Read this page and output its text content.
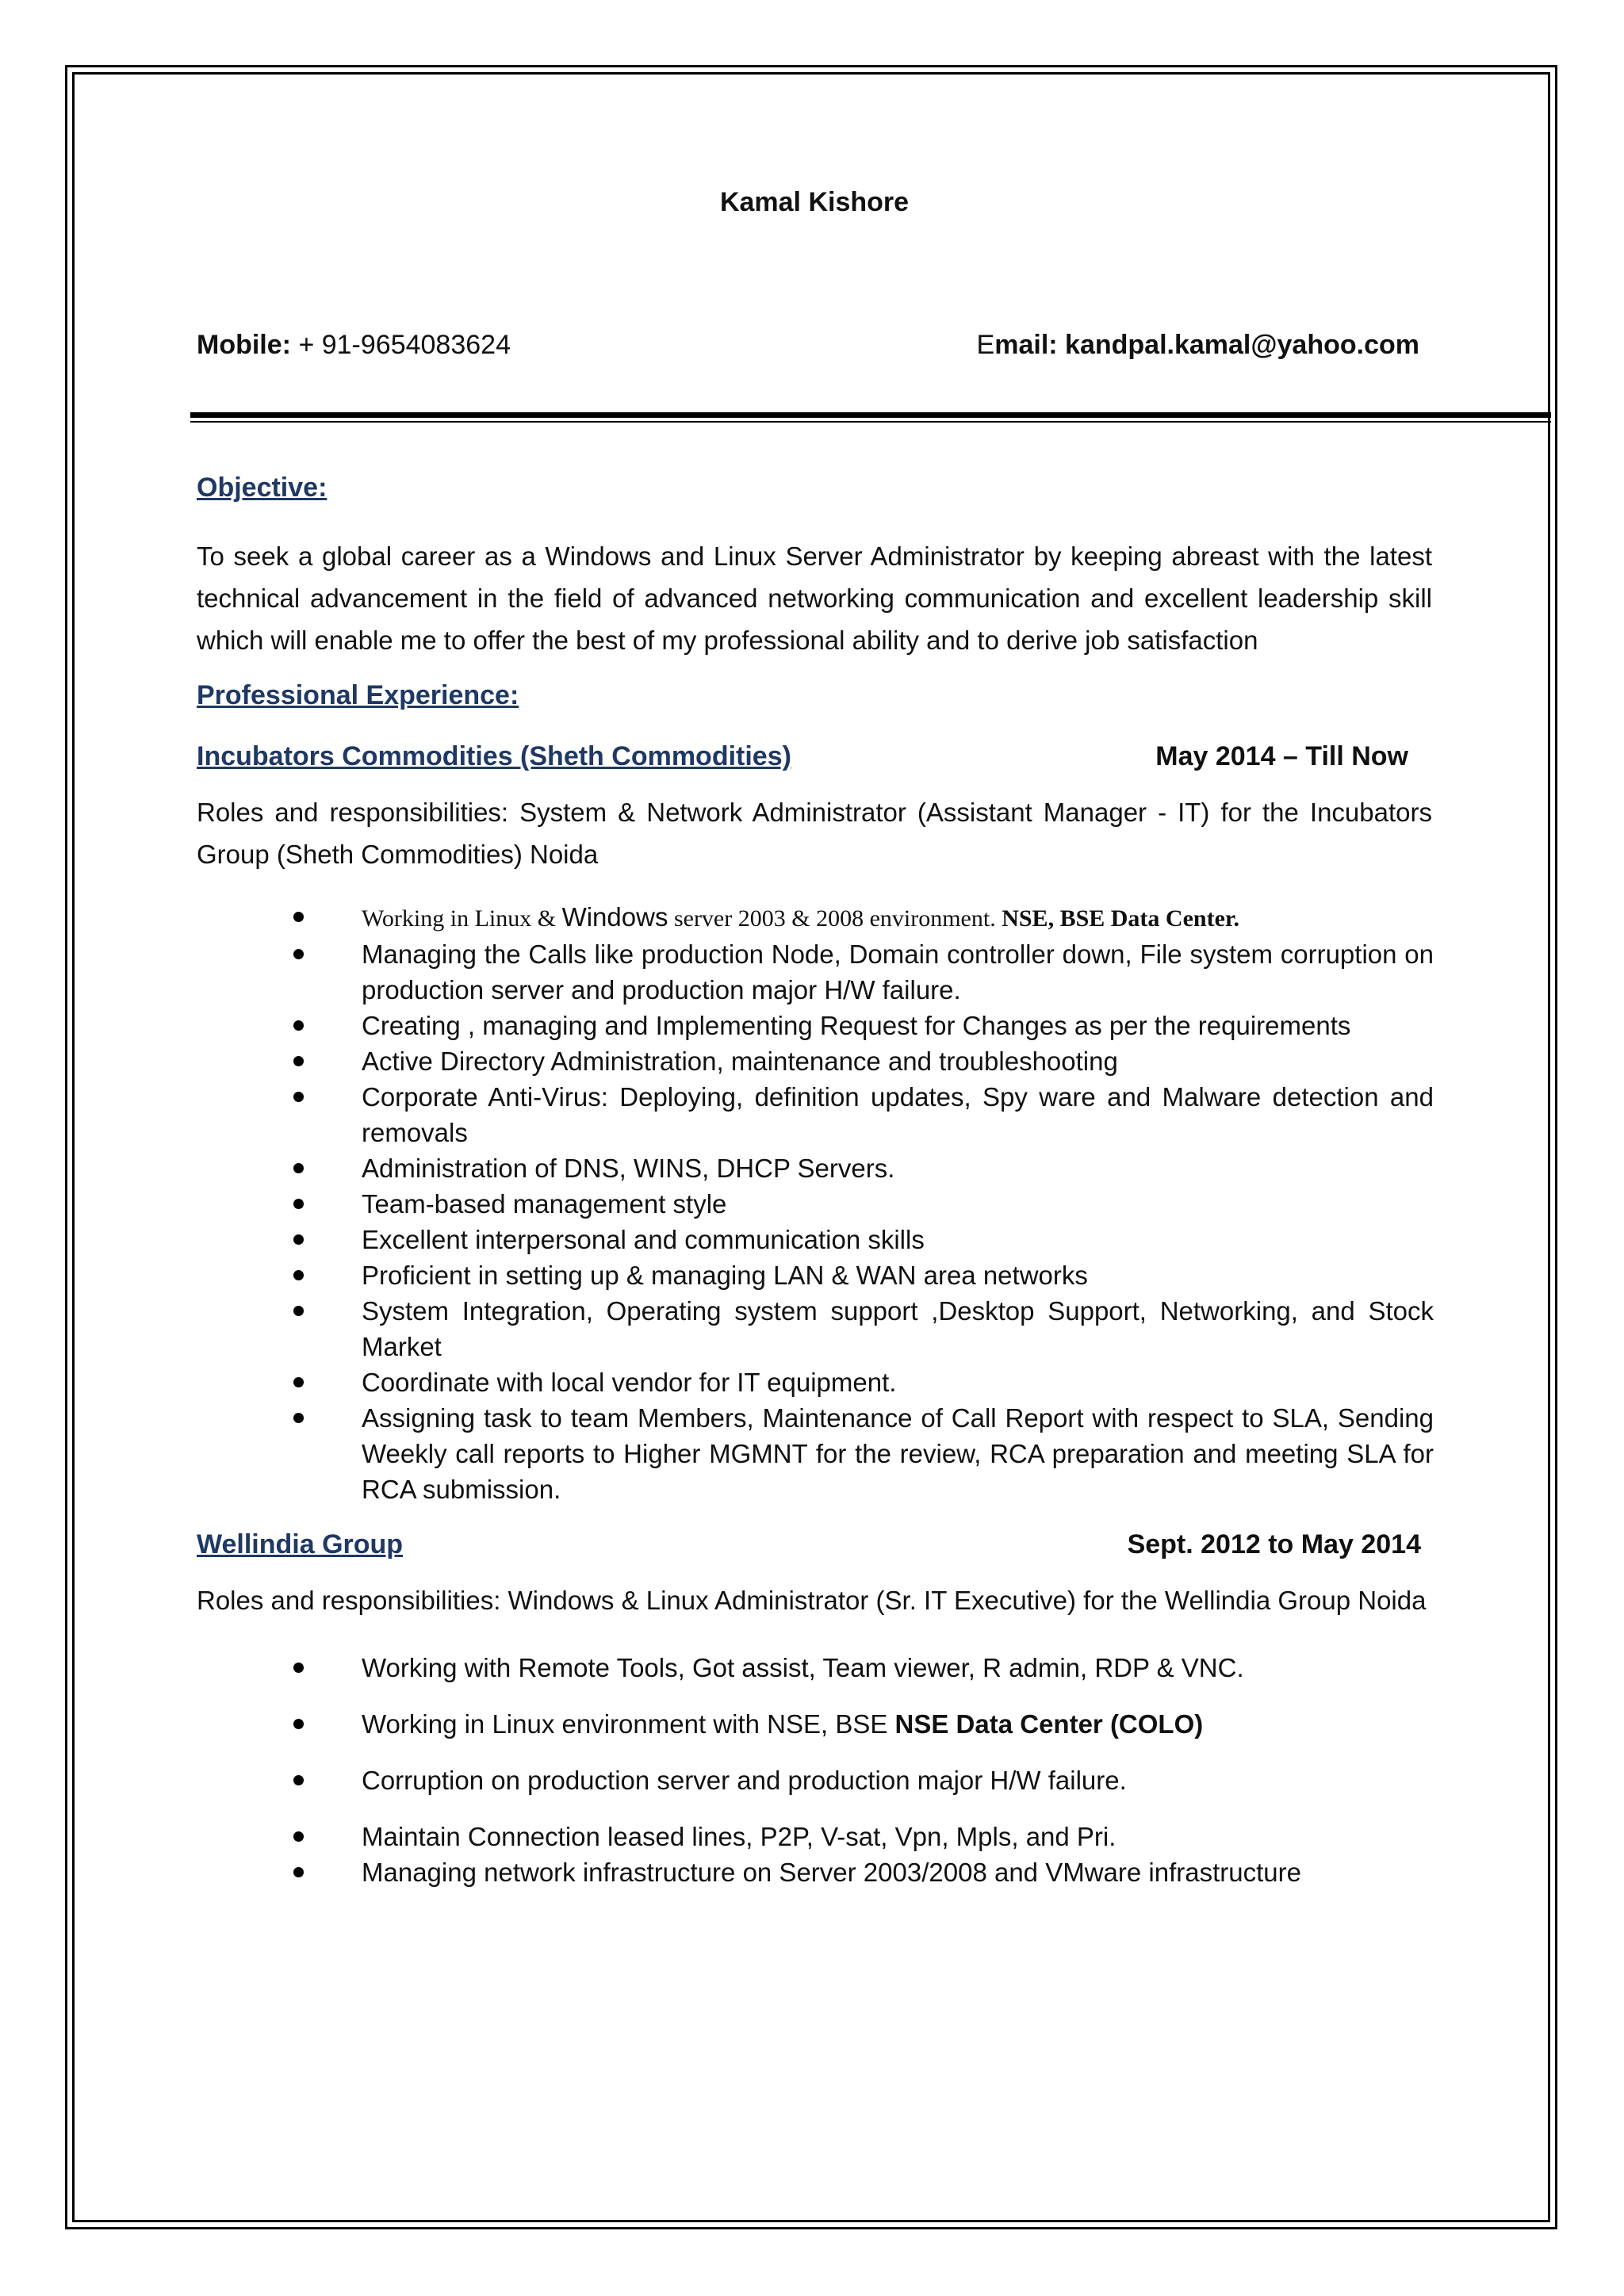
Kamal Kishore
Mobile: + 91-9654083624	Email: kandpal.kamal@yahoo.com
Objective:
To seek a global career as a Windows and Linux Server Administrator by keeping abreast with the latest technical advancement in the field of advanced networking communication and excellent leadership skill which will enable me to offer the best of my professional ability and to derive job satisfaction
Professional Experience:
Incubators Commodities (Sheth Commodities)	May 2014 – Till Now
Roles and responsibilities: System & Network Administrator (Assistant Manager - IT) for the Incubators Group (Sheth Commodities) Noida
Working in Linux & Windows server 2003 & 2008 environment. NSE, BSE Data Center.
Managing the Calls like production Node, Domain controller down, File system corruption on production server and production major H/W failure.
Creating , managing and Implementing Request for Changes as per the requirements
Active Directory Administration, maintenance and troubleshooting
Corporate Anti-Virus: Deploying, definition updates, Spy ware and Malware detection and removals
Administration of DNS, WINS, DHCP Servers.
Team-based management style
Excellent interpersonal and communication skills
Proficient in setting up & managing LAN & WAN area networks
System Integration, Operating system support ,Desktop Support, Networking, and Stock Market
Coordinate with local vendor for IT equipment.
Assigning task to team Members, Maintenance of Call Report with respect to SLA, Sending Weekly call reports to Higher MGMNT for the review, RCA preparation and meeting SLA for RCA submission.
Wellindia Group	Sept. 2012 to May 2014
Roles and responsibilities: Windows & Linux Administrator (Sr. IT Executive) for the Wellindia Group Noida
Working with Remote Tools, Got assist, Team viewer, R admin, RDP & VNC.
Working in Linux environment with NSE, BSE NSE Data Center (COLO)
Corruption on production server and production major H/W failure.
Maintain Connection leased lines, P2P, V-sat, Vpn, Mpls, and Pri.
Managing network infrastructure on Server 2003/2008 and VMware infrastructure
